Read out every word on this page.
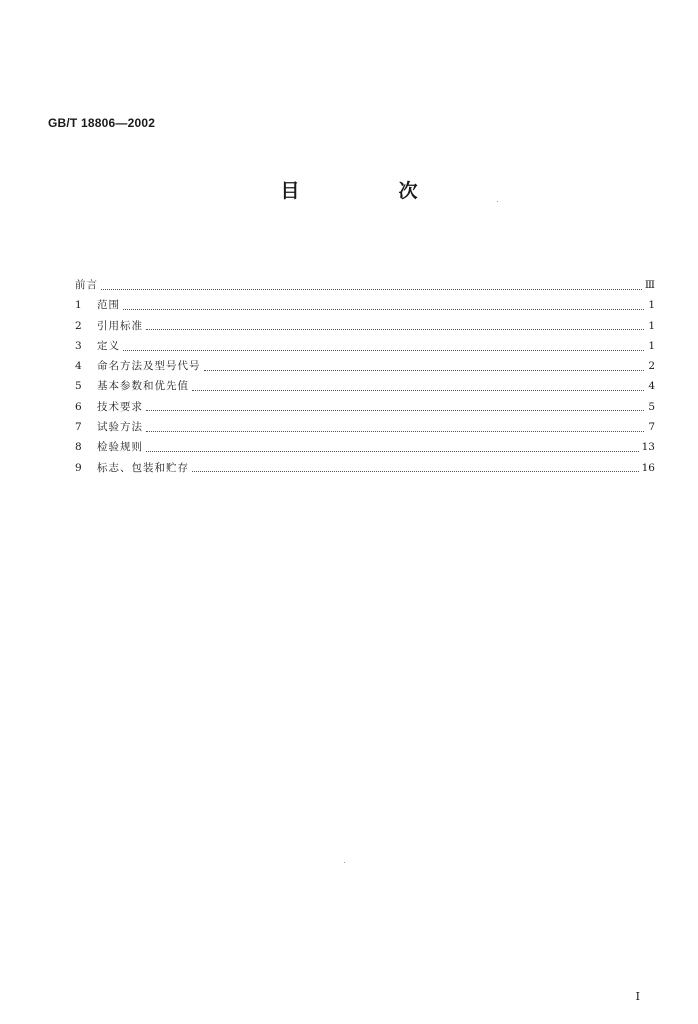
GB/T 18806—2002
目　次
前言	Ⅲ
1	范围	1
2	引用标准	1
3	定义	1
4	命名方法及型号代号	2
5	基本参数和优先值	4
6	技术要求	5
7	试验方法	7
8	检验规则	13
9	标志、包装和贮存	16
I
